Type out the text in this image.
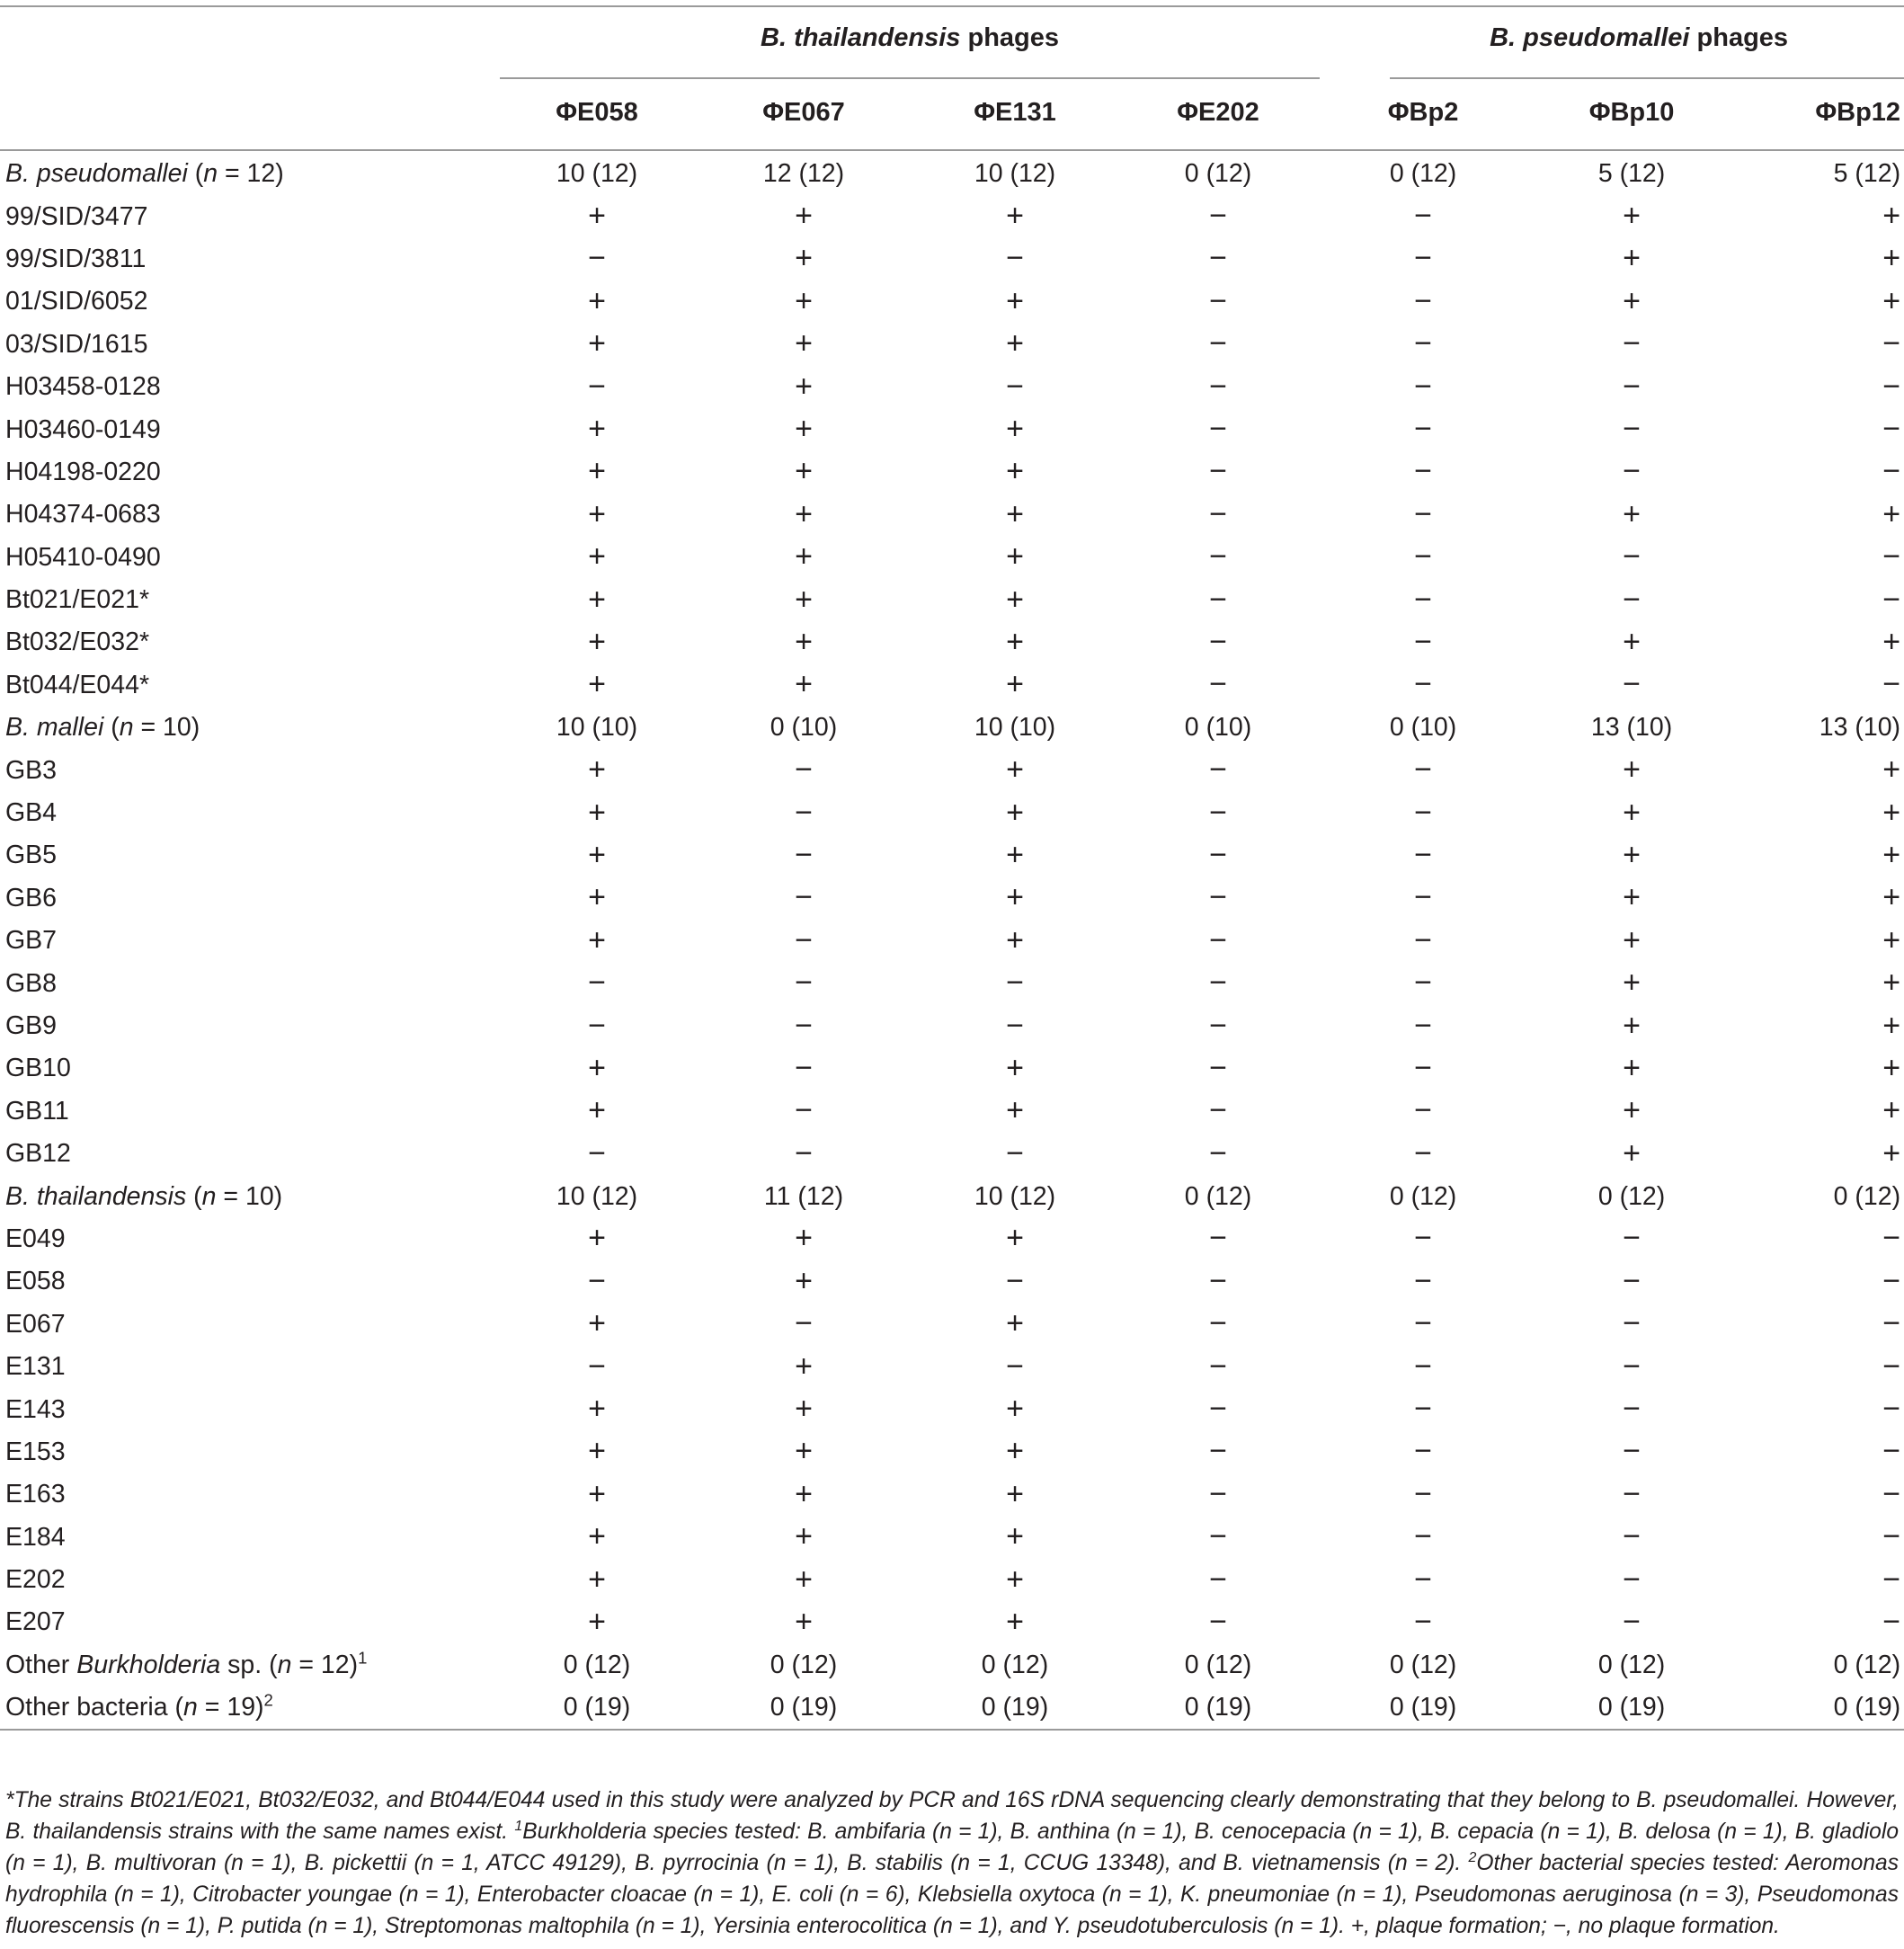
	B. thailandensis phages				B. pseudomallei phages		

	ΦE058	ΦE067	ΦE131	ΦE202	ΦBp2	ΦBp10	ΦBp12
B. pseudomallei (n = 12)	10 (12)	12 (12)	10 (12)	0 (12)	0 (12)	5 (12)	5 (12)
99/SID/3477	+	+	+	−	−	+	+
99/SID/3811	−	+	−	−	−	+	+
01/SID/6052	+	+	+	−	−	+	+
03/SID/1615	+	+	+	−	−	−	−
H03458-0128	−	+	−	−	−	−	−
H03460-0149	+	+	+	−	−	−	−
H04198-0220	+	+	+	−	−	−	−
H04374-0683	+	+	+	−	−	+	+
H05410-0490	+	+	+	−	−	−	−
Bt021/E021*	+	+	+	−	−	−	−
Bt032/E032*	+	+	+	−	−	+	+
Bt044/E044*	+	+	+	−	−	−	−
B. mallei (n = 10)	10 (10)	0 (10)	10 (10)	0 (10)	0 (10)	13 (10)	13 (10)
GB3	+	−	+	−	−	+	+
GB4	+	−	+	−	−	+	+
GB5	+	−	+	−	−	+	+
GB6	+	−	+	−	−	+	+
GB7	+	−	+	−	−	+	+
GB8	−	−	−	−	−	+	+
GB9	−	−	−	−	−	+	+
GB10	+	−	+	−	−	+	+
GB11	+	−	+	−	−	+	+
GB12	−	−	−	−	−	+	+
B. thailandensis (n = 10)	10 (12)	11 (12)	10 (12)	0 (12)	0 (12)	0 (12)	0 (12)
E049	+	+	+	−	−	−	−
E058	−	+	−	−	−	−	−
E067	+	−	+	−	−	−	−
E131	−	+	−	−	−	−	−
E143	+	+	+	−	−	−	−
E153	+	+	+	−	−	−	−
E163	+	+	+	−	−	−	−
E184	+	+	+	−	−	−	−
E202	+	+	+	−	−	−	−
E207	+	+	+	−	−	−	−
Other Burkholderia sp. (n = 12)$^1$	0 (12)	0 (12)	0 (12)	0 (12)	0 (12)	0 (12)	0 (12)
Other bacteria (n = 19)$^2$	0 (19)	0 (19)	0 (19)	0 (19)	0 (19)	0 (19)	0 (19)
*The strains Bt021/E021, Bt032/E032, and Bt044/E044 used in this study were analyzed by PCR and 16S rDNA sequencing clearly demonstrating that they belong to B. pseudomallei. However, B. thailandensis strains with the same names exist. $^1$Burkholderia species tested: B. ambifaria (n = 1), B. anthina (n = 1), B. cenocepacia (n = 1), B. cepacia (n = 1), B. delosa (n = 1), B. gladiolo (n = 1), B. multivoran (n = 1), B. pickettii (n = 1, ATCC 49129), B. pyrrocinia (n = 1), B. stabilis (n = 1, CCUG 13348), and B. vietnamensis (n = 2). $^2$Other bacterial species tested: Aeromonas hydrophila (n = 1), Citrobacter youngae (n = 1), Enterobacter cloacae (n = 1), E. coli (n = 6), Klebsiella oxytoca (n = 1), K. pneumoniae (n = 1), Pseudomonas aeruginosa (n = 3), Pseudomonas fluorescensis (n = 1), P. putida (n = 1), Streptomonas maltophila (n = 1), Yersinia enterocolitica (n = 1), and Y. pseudotuberculosis (n = 1). +, plaque formation; −, no plaque formation.
